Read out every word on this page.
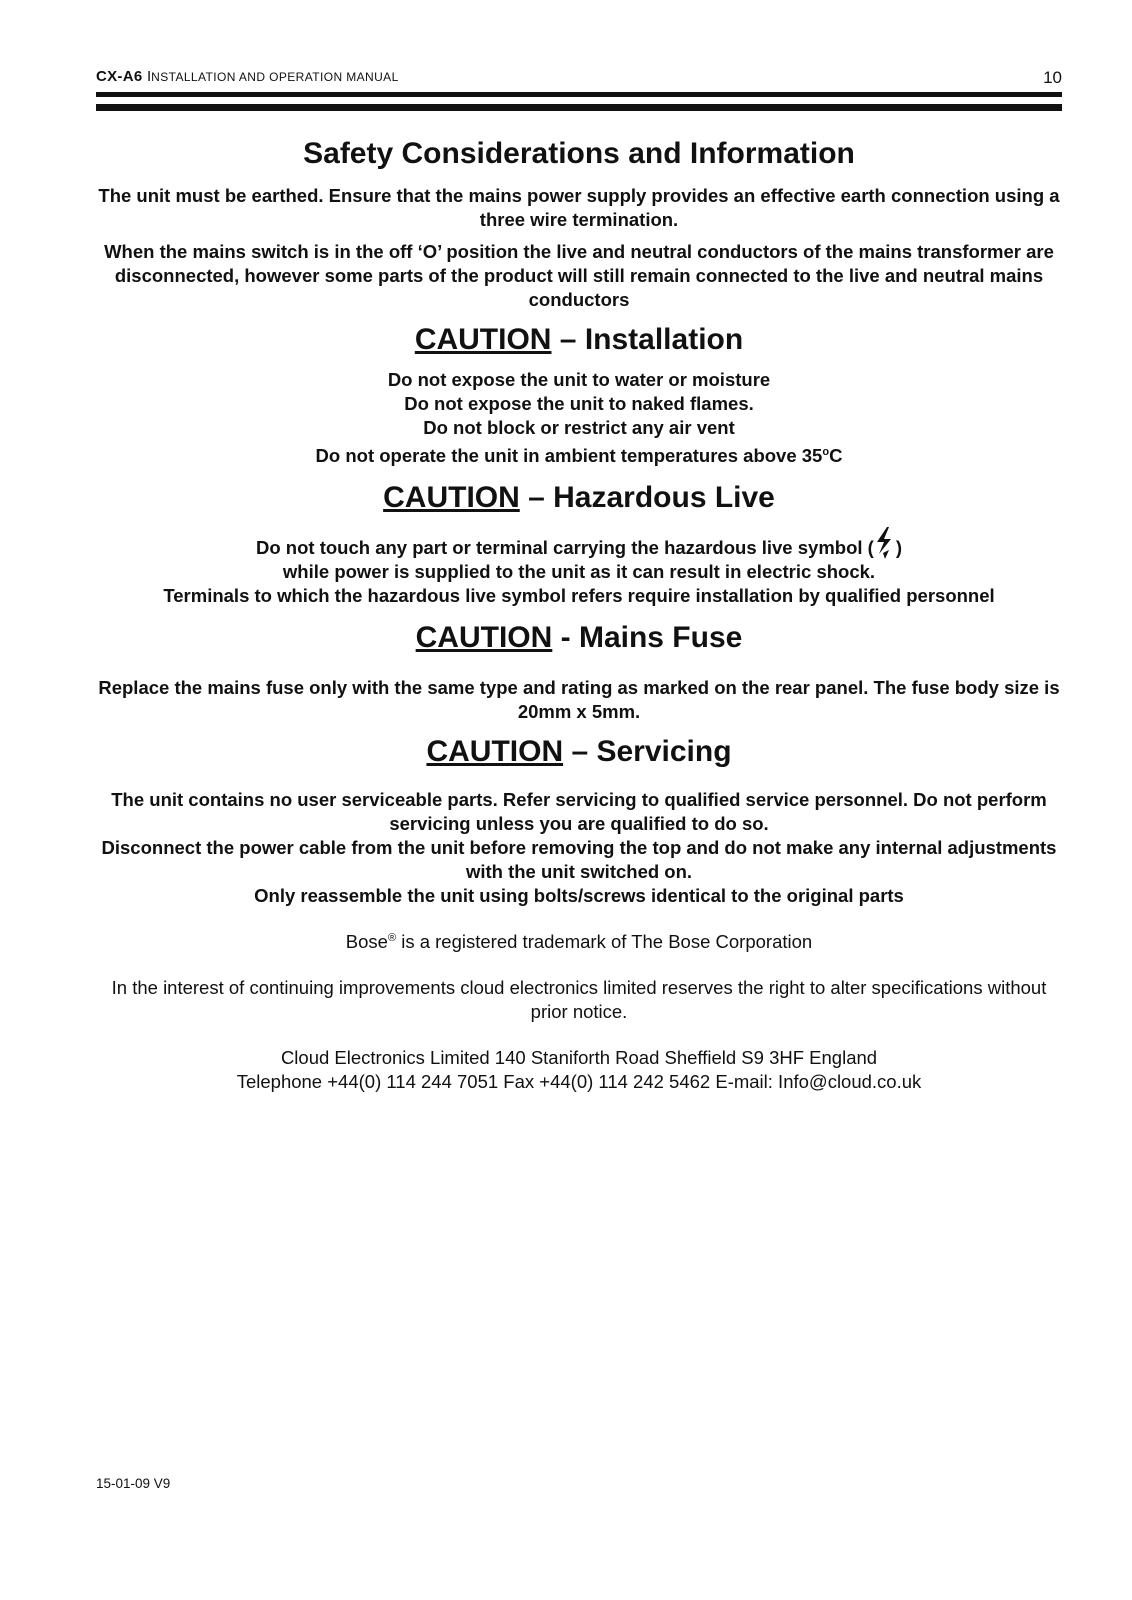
CX-A6 INSTALLATION AND OPERATION MANUAL	10
Safety Considerations and Information

The unit must be earthed. Ensure that the mains power supply provides an effective earth connection using a three wire termination.

When the mains switch is in the off ‘O’ position the live and neutral conductors of the mains transformer are disconnected, however some parts of the product will still remain connected to the live and neutral mains conductors

CAUTION – Installation
Do not expose the unit to water or moisture
Do not expose the unit to naked flames.
Do not block or restrict any air vent
Do not operate the unit in ambient temperatures above 35$^o$C
CAUTION – Hazardous Live
Do not touch any part or terminal carrying the hazardous live symbol ( )
while power is supplied to the unit as it can result in electric shock.
Terminals to which the hazardous live symbol refers require installation by qualified personnel
CAUTION - Mains Fuse

Replace the mains fuse only with the same type and rating as marked on the rear panel. The fuse body size is 20mm x 5mm.

CAUTION – Servicing
The unit contains no user serviceable parts. Refer servicing to qualified service personnel. Do not perform servicing unless you are qualified to do so.
Disconnect the power cable from the unit before removing the top and do not make any internal adjustments with the unit switched on.
Only reassemble the unit using bolts/screws identical to the original parts

Bose® is a registered trademark of The Bose Corporation

In the interest of continuing improvements cloud electronics limited reserves the right to alter specifications without prior notice.

Cloud Electronics Limited 140 Staniforth Road Sheffield S9 3HF England

Telephone +44(0) 114 244 7051 Fax +44(0) 114 242 5462 E-mail: Info@cloud.co.uk

15-01-09 V9
